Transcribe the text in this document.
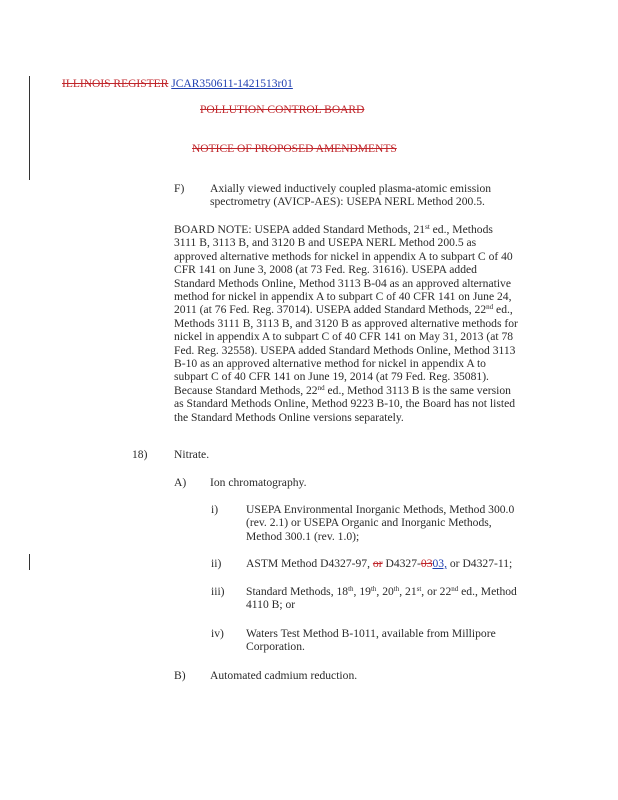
ILLINOIS REGISTER JCAR350611-1421513r01
POLLUTION CONTROL BOARD
NOTICE OF PROPOSED AMENDMENTS
F) Axially viewed inductively coupled plasma-atomic emission
spectrometry (AVICP-AES): USEPA NERL Method 200.5.
BOARD NOTE: USEPA added Standard Methods, 21st ed., Methods
3111 B, 3113 B, and 3120 B and USEPA NERL Method 200.5 as
approved alternative methods for nickel in appendix A to subpart C of 40
CFR 141 on June 3, 2008 (at 73 Fed. Reg. 31616). USEPA added
Standard Methods Online, Method 3113 B-04 as an approved alternative
method for nickel in appendix A to subpart C of 40 CFR 141 on June 24,
2011 (at 76 Fed. Reg. 37014). USEPA added Standard Methods, 22nd ed.,
Methods 3111 B, 3113 B, and 3120 B as approved alternative methods for
nickel in appendix A to subpart C of 40 CFR 141 on May 31, 2013 (at 78
Fed. Reg. 32558). USEPA added Standard Methods Online, Method 3113
B-10 as an approved alternative method for nickel in appendix A to
subpart C of 40 CFR 141 on June 19, 2014 (at 79 Fed. Reg. 35081).
Because Standard Methods, 22nd ed., Method 3113 B is the same version
as Standard Methods Online, Method 9223 B-10, the Board has not listed
the Standard Methods Online versions separately.
18) Nitrate.
A) Ion chromatography.
i) USEPA Environmental Inorganic Methods, Method 300.0
(rev. 2.1) or USEPA Organic and Inorganic Methods,
Method 300.1 (rev. 1.0);
ii) ASTM Method D4327-97, or D4327-0303, or D4327-11;
iii) Standard Methods, 18th, 19th, 20th, 21st, or 22nd ed., Method
4110 B; or
iv) Waters Test Method B-1011, available from Millipore
Corporation.
B) Automated cadmium reduction.
